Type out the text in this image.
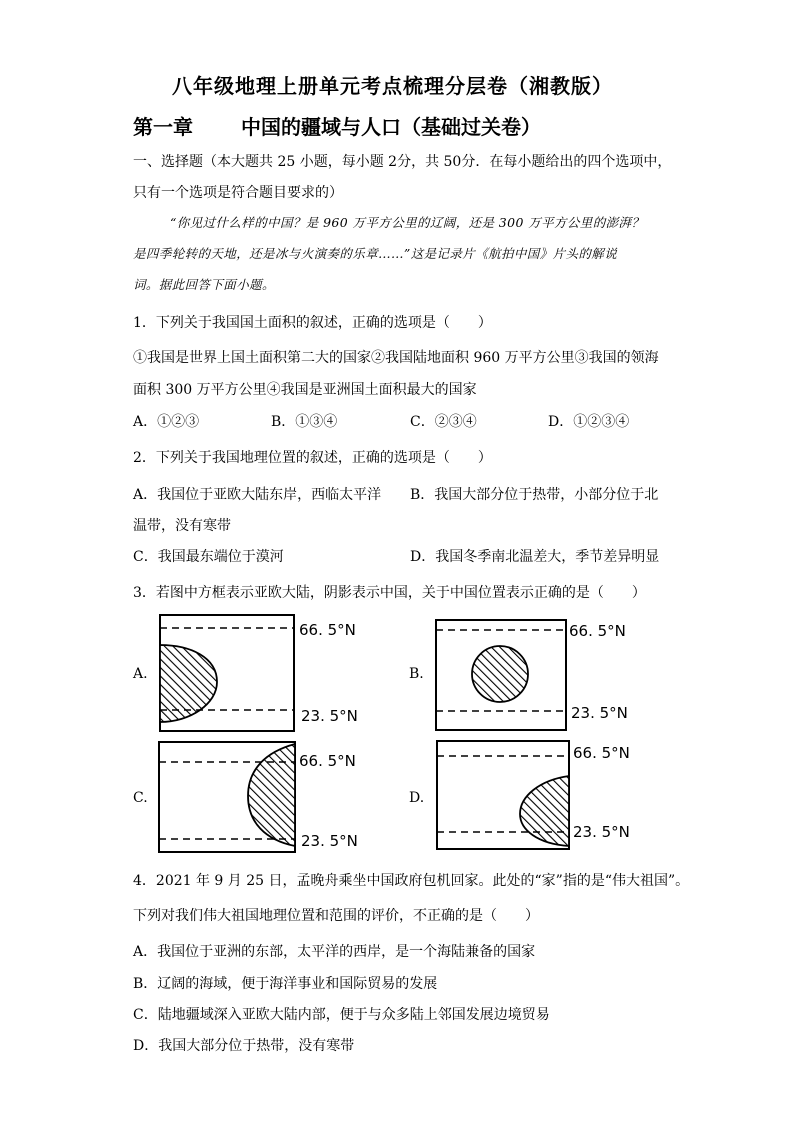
八年级地理上册单元考点梳理分层卷（湘教版）
第一章 中国的疆域与人口（基础过关卷）
一、选择题（本大题共 25 小题，每小题 2分，共 50分．在每小题给出的四个选项中，
只有一个选项是符合题目要求的）
“你见过什么样的中国？是 960 万平方公里的辽阔，还是 300 万平方公里的澎湃？
是四季轮转的天地，还是冰与火演奏的乐章……”这是记录片《航拍中国》片头的解说
词。据此回答下面小题。
1．下列关于我国国土面积的叙述，正确的选项是（　　）
①我国是世界上国土面积第二大的国家②我国陆地面积 960 万平方公里③我国的领海
面积 300 万平方公里④我国是亚洲国土面积最大的国家
A．①②③	B．①③④	C．②③④	D．①②③④
2．下列关于我国地理位置的叙述，正确的选项是（　　）
A．我国位于亚欧大陆东岸，西临太平洋 B．我国大部分位于热带，小部分位于北
温带，没有寒带
C．我国最东端位于漠河	D．我国冬季南北温差大，季节差异明显
3．若图中方框表示亚欧大陆，阴影表示中国，关于中国位置表示正确的是（　　）
A.	B.
C.	D.
66. 5°N
23. 5°N
66. 5°N
23. 5°N
66. 5°N
23. 5°N
66. 5°N
23. 5°N
4．2021 年 9 月 25 日，孟晚舟乘坐中国政府包机回家。此处的“家”指的是“伟大祖国”。
下列对我们伟大祖国地理位置和范围的评价，不正确的是（　　）
A．我国位于亚洲的东部，太平洋的西岸，是一个海陆兼备的国家
B．辽阔的海域，便于海洋事业和国际贸易的发展
C．陆地疆域深入亚欧大陆内部，便于与众多陆上邻国发展边境贸易
D．我国大部分位于热带，没有寒带
